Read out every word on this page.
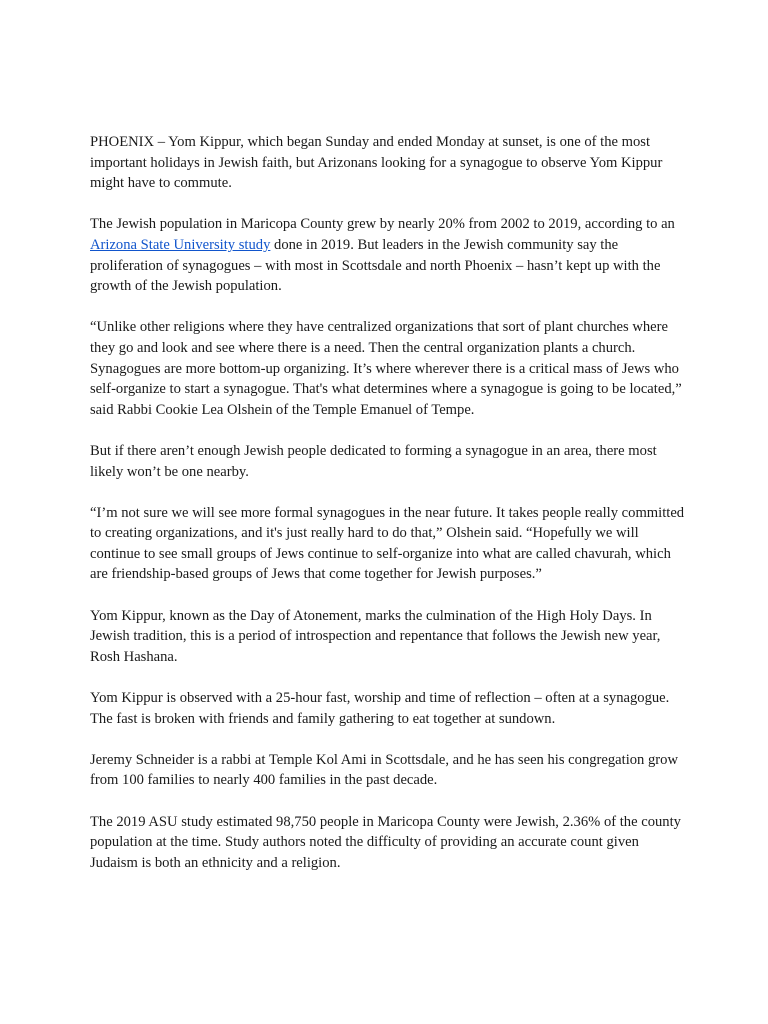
PHOENIX – Yom Kippur, which began Sunday and ended Monday at sunset, is one of the most important holidays in Jewish faith, but Arizonans looking for a synagogue to observe Yom Kippur might have to commute.

The Jewish population in Maricopa County grew by nearly 20% from 2002 to 2019, according to an Arizona State University study done in 2019. But leaders in the Jewish community say the proliferation of synagogues – with most in Scottsdale and north Phoenix – hasn’t kept up with the growth of the Jewish population.

“Unlike other religions where they have centralized organizations that sort of plant churches where they go and look and see where there is a need. Then the central organization plants a church. Synagogues are more bottom-up organizing. It’s where wherever there is a critical mass of Jews who self-organize to start a synagogue. That's what determines where a synagogue is going to be located,” said Rabbi Cookie Lea Olshein of the Temple Emanuel of Tempe.

But if there aren’t enough Jewish people dedicated to forming a synagogue in an area, there most likely won’t be one nearby.

“I’m not sure we will see more formal synagogues in the near future. It takes people really committed to creating organizations, and it's just really hard to do that,” Olshein said. “Hopefully we will continue to see small groups of Jews continue to self-organize into what are called chavurah, which are friendship-based groups of Jews that come together for Jewish purposes.”

Yom Kippur, known as the Day of Atonement, marks the culmination of the High Holy Days. In Jewish tradition, this is a period of introspection and repentance that follows the Jewish new year, Rosh Hashana.

Yom Kippur is observed with a 25-hour fast, worship and time of reflection – often at a synagogue. The fast is broken with friends and family gathering to eat together at sundown.

Jeremy Schneider is a rabbi at Temple Kol Ami in Scottsdale, and he has seen his congregation grow from 100 families to nearly 400 families in the past decade.

The 2019 ASU study estimated 98,750 people in Maricopa County were Jewish, 2.36% of the county population at the time. Study authors noted the difficulty of providing an accurate count given Judaism is both an ethnicity and a religion.
